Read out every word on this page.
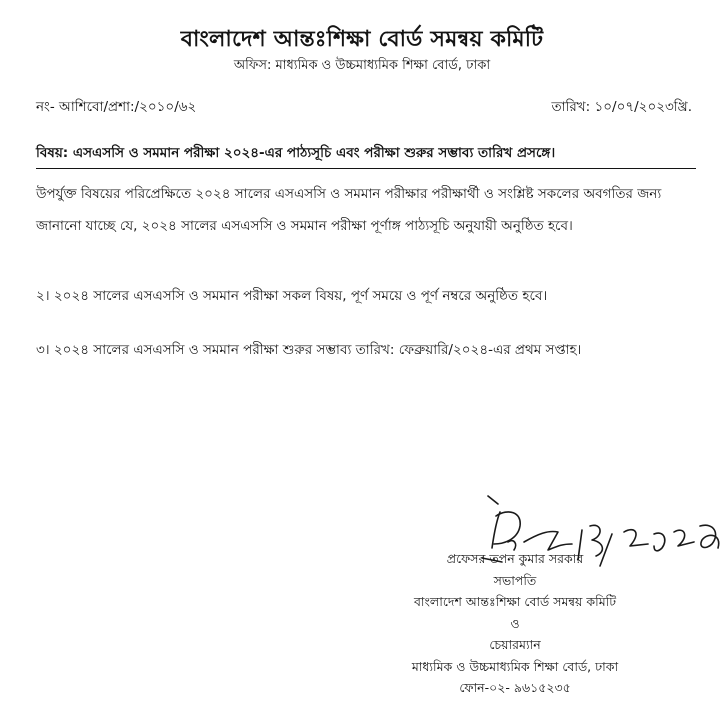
বাংলাদেশ আন্তঃশিক্ষা বোর্ড সমন্বয় কমিটি
অফিস: মাধ্যমিক ও উচ্চমাধ্যমিক শিক্ষা বোর্ড, ঢাকা
নং- আশিবো/প্রশা:/২০১০/৬২	তারিখ: ১০/০৭/২০২৩খ্রি.
বিষয়: এসএসসি ও সমমান পরীক্ষা ২০২৪-এর পাঠ্যসূচি এবং পরীক্ষা শুরুর সম্ভাব্য তারিখ প্রসঙ্গে।
উপর্যুক্ত বিষয়ের পরিপ্রেক্ষিতে ২০২৪ সালের এসএসসি ও সমমান পরীক্ষার পরীক্ষার্থী ও সংশ্লিষ্ট সকলের অবগতির জন্য জানানো যাচ্ছে যে, ২০২৪ সালের এসএসসি ও সমমান পরীক্ষা পূর্ণাঙ্গ পাঠ্যসূচি অনুযায়ী অনুষ্ঠিত হবে।
২। ২০২৪ সালের এসএসসি ও সমমান পরীক্ষা সকল বিষয়, পূর্ণ সময়ে ও পূর্ণ নম্বরে অনুষ্ঠিত হবে।
৩। ২০২৪ সালের এসএসসি ও সমমান পরীক্ষা শুরুর সম্ভাব্য তারিখ: ফেব্রুয়ারি/২০২৪-এর প্রথম সপ্তাহ।
প্রফেসর তপন কুমার সরকার
সভাপতি
বাংলাদেশ আন্তঃশিক্ষা বোর্ড সমন্বয় কমিটি
ও
চেয়ারম্যান
মাধ্যমিক ও উচ্চমাধ্যমিক শিক্ষা বোর্ড, ঢাকা
ফোন-০২- ৯৬১৫২৩৫
